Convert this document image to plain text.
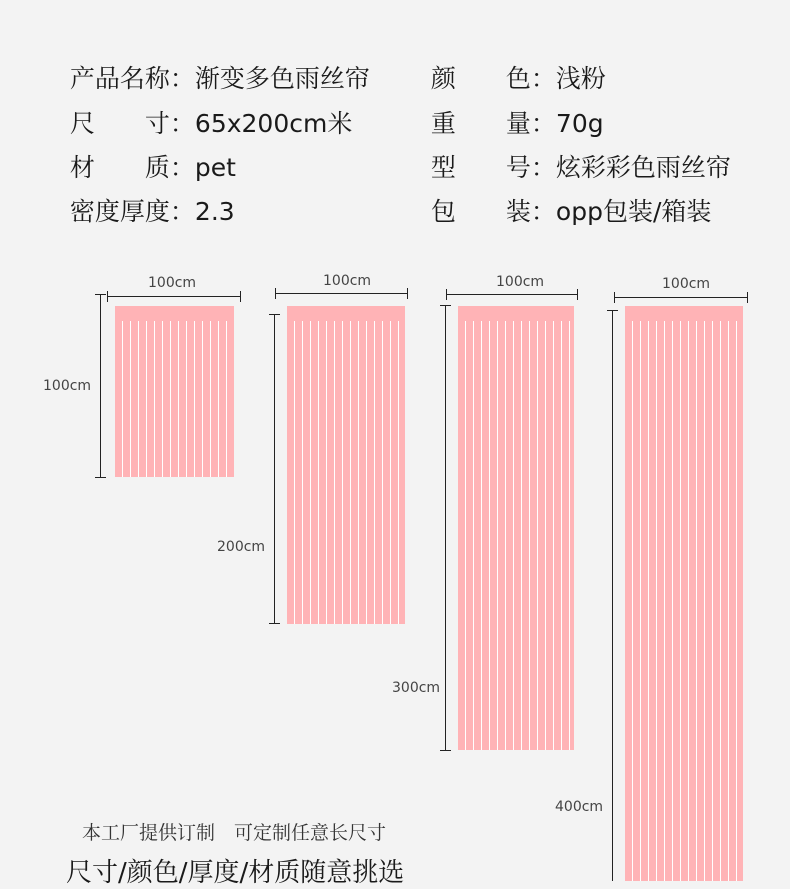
产品名称：渐变多色雨丝帘	颜　　色：浅粉

尺　　寸：65x200cm米	重　　量：70g

材　　质：pet	型　　号：炫彩彩色雨丝帘

密度厚度：2.3	包　　装：opp包装/箱装

100cm
100cm
100cm
200cm
100cm
300cm
100cm
400cm
本工厂提供订制　可定制任意长尺寸
尺寸/颜色/厚度/材质随意挑选
